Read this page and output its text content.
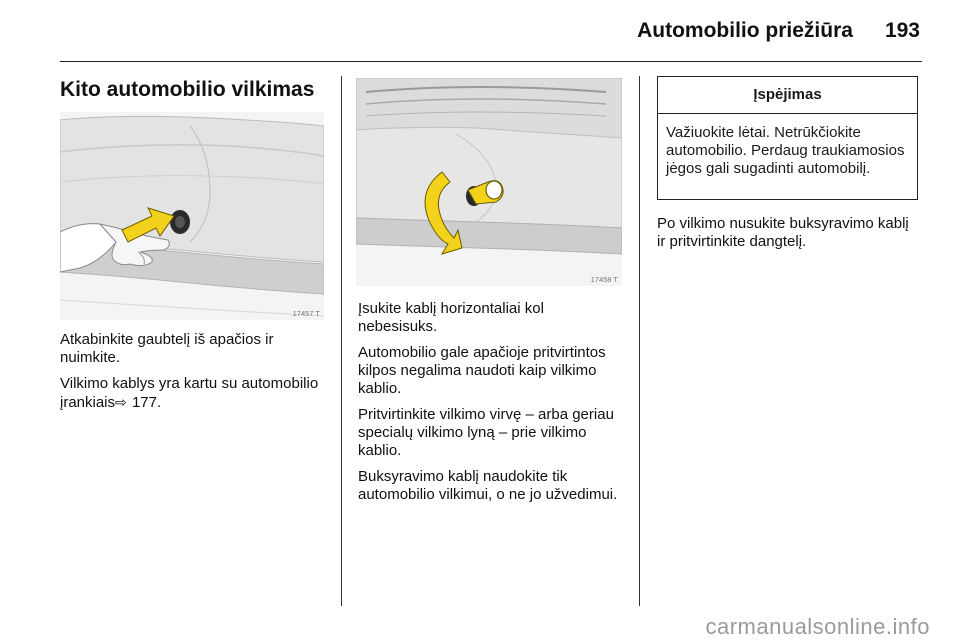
Automobilio priežiūra 193
Kito automobilio vilkimas
17457 T
17458 T

Atkabinkite gaubtelį iš apačios ir nuimkite.

Vilkimo kablys yra kartu su automobilio įrankiais⇨ 177.

Įsukite kablį horizontaliai kol nebesisuks.

Automobilio gale apačioje pritvirtintos kilpos negalima naudoti kaip vilkimo kablio.

Pritvirtinkite vilkimo virvę – arba geriau specialų vilkimo lyną – prie vilkimo kablio.

Buksyravimo kablį naudokite tik automobilio vilkimui, o ne jo užvedimui.

Įspėjimas
Važiuokite lėtai. Netrūkčiokite automobilio. Perdaug traukiamosios jėgos gali sugadinti automobilį.

Po vilkimo nusukite buksyravimo kablį ir pritvirtinkite dangtelį.

carmanualsonline.info
